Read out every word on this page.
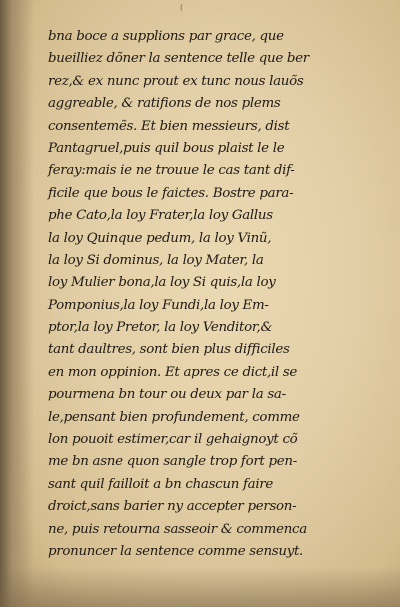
(
bna boce a supplions par grace, que
bueilliez dõner la sentence telle que ber
rez,& ex nunc prout ex tunc nous lauõs
aggreable, & ratifions de nos plems
consentemẽs. Et bien messieurs, dist
Pantagruel,puis quil bous plaist le le
feray:mais ie ne trouue le cas tant dif-
ficile que bous le faictes. Bostre para-
phe Cato,la loy Frater,la loy Gallus
la loy Quinque pedum, la loy Vinũ,
la loy Si dominus, la loy Mater, la
loy Mulier bona,la loy Si quis,la loy
Pomponius,la loy Fundi,la loy Em-
ptor,la loy Pretor, la loy Venditor,&
tant daultres, sont bien plus difficiles
en mon oppinion. Et apres ce dict,il se
pourmena bn tour ou deux par la sa-
le,pensant bien profundement, comme
lon pouoit estimer,car il gehaignoyt cõ
me bn asne quon sangle trop fort pen-
sant quil failloit a bn chascun faire
droict,sans barier ny accepter person-
ne, puis retourna sasseoir & commenca
pronuncer la sentence comme sensuyt.
